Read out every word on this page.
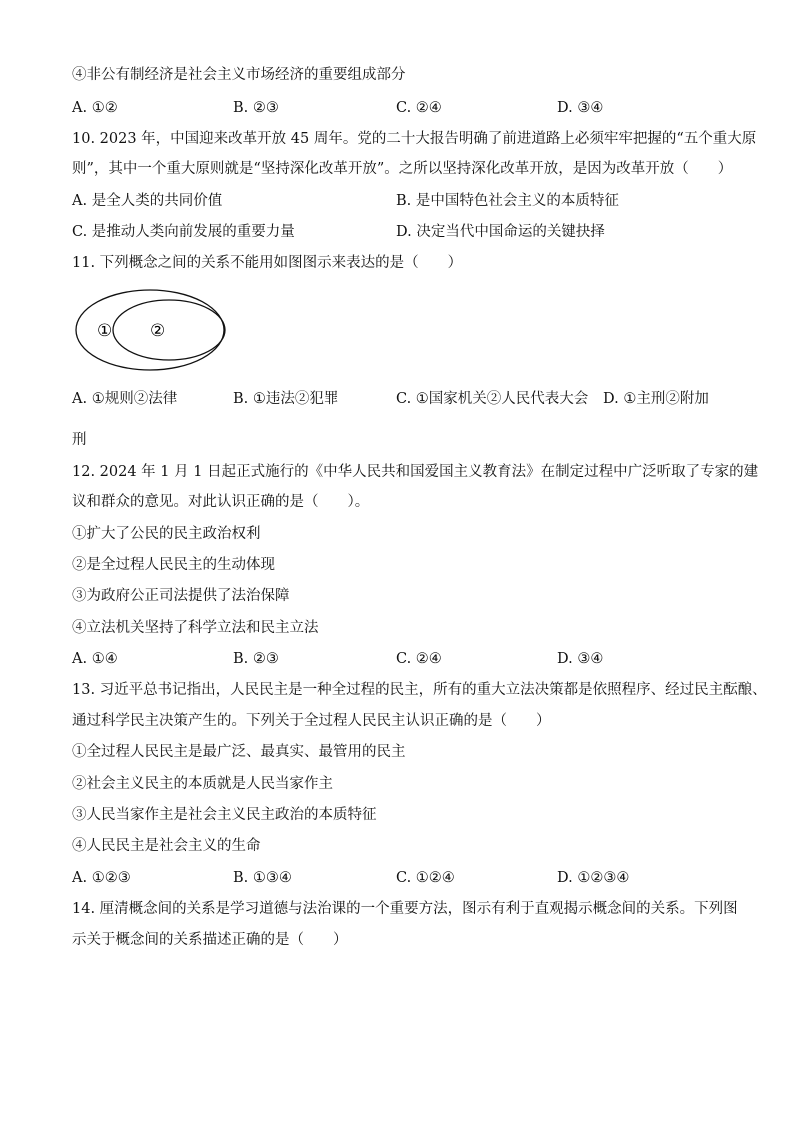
④非公有制经济是社会主义市场经济的重要组成部分
A. ①②	B. ②③	C. ②④	D. ③④
10. 2023 年，中国迎来改革开放 45 周年。党的二十大报告明确了前进道路上必须牢牢把握的“五个重大原
则”，其中一个重大原则就是“坚持深化改革开放”。之所以坚持深化改革开放，是因为改革开放（　　）
A. 是全人类的共同价值	B. 是中国特色社会主义的本质特征
C. 是推动人类向前发展的重要力量	D. 决定当代中国命运的关键抉择
11. 下列概念之间的关系不能用如图图示来表达的是（　　）
① ②
A. ①规则②法律	B. ①违法②犯罪	C. ①国家机关②人民代表大会 D. ①主刑②附加
刑
12. 2024 年 1 月 1 日起正式施行的《中华人民共和国爱国主义教育法》在制定过程中广泛听取了专家的建
议和群众的意见。对此认识正确的是（　　）。
①扩大了公民的民主政治权利
②是全过程人民民主的生动体现
③为政府公正司法提供了法治保障
④立法机关坚持了科学立法和民主立法
A. ①④	B. ②③	C. ②④	D. ③④
13. 习近平总书记指出，人民民主是一种全过程的民主，所有的重大立法决策都是依照程序、经过民主酝酿、
通过科学民主决策产生的。下列关于全过程人民民主认识正确的是（　　）
①全过程人民民主是最广泛、最真实、最管用的民主
②社会主义民主的本质就是人民当家作主
③人民当家作主是社会主义民主政治的本质特征
④人民民主是社会主义的生命
A. ①②③	B. ①③④	C. ①②④	D. ①②③④
14. 厘清概念间的关系是学习道德与法治课的一个重要方法，图示有利于直观揭示概念间的关系。下列图
示关于概念间的关系描述正确的是（　　）
